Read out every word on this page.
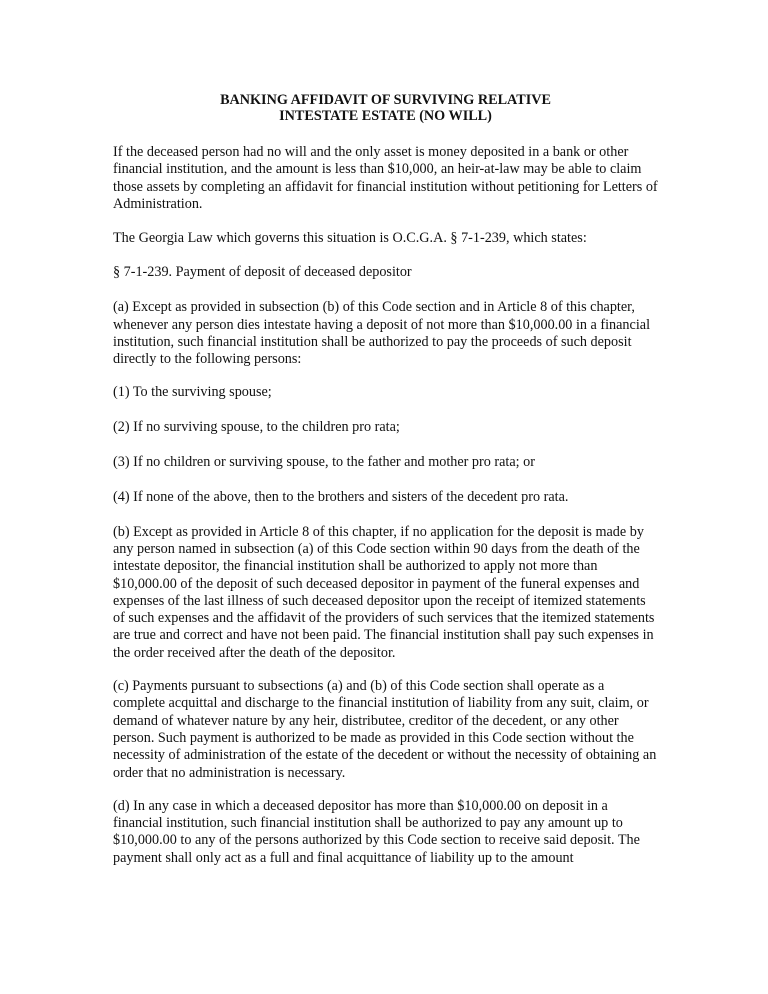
BANKING AFFIDAVIT OF SURVIVING RELATIVE
INTESTATE ESTATE (NO WILL)

If the deceased person had no will and the only asset is money deposited in a bank or other financial institution, and the amount is less than $10,000, an heir-at-law may be able to claim those assets by completing an affidavit for financial institution without petitioning for Letters of Administration.

The Georgia Law which governs this situation is O.C.G.A. § 7-1-239, which states:

§ 7-1-239. Payment of deposit of deceased depositor

(a) Except as provided in subsection (b) of this Code section and in Article 8 of this chapter, whenever any person dies intestate having a deposit of not more than $10,000.00 in a financial institution, such financial institution shall be authorized to pay the proceeds of such deposit directly to the following persons:

(1) To the surviving spouse;

(2) If no surviving spouse, to the children pro rata;

(3) If no children or surviving spouse, to the father and mother pro rata; or

(4) If none of the above, then to the brothers and sisters of the decedent pro rata.

(b) Except as provided in Article 8 of this chapter, if no application for the deposit is made by any person named in subsection (a) of this Code section within 90 days from the death of the intestate depositor, the financial institution shall be authorized to apply not more than $10,000.00 of the deposit of such deceased depositor in payment of the funeral expenses and expenses of the last illness of such deceased depositor upon the receipt of itemized statements of such expenses and the affidavit of the providers of such services that the itemized statements are true and correct and have not been paid. The financial institution shall pay such expenses in the order received after the death of the depositor.

(c) Payments pursuant to subsections (a) and (b) of this Code section shall operate as a complete acquittal and discharge to the financial institution of liability from any suit, claim, or demand of whatever nature by any heir, distributee, creditor of the decedent, or any other person. Such payment is authorized to be made as provided in this Code section without the necessity of administration of the estate of the decedent or without the necessity of obtaining an order that no administration is necessary.

(d) In any case in which a deceased depositor has more than $10,000.00 on deposit in a financial institution, such financial institution shall be authorized to pay any amount up to $10,000.00 to any of the persons authorized by this Code section to receive said deposit. The payment shall only act as a full and final acquittance of liability up to the amount
